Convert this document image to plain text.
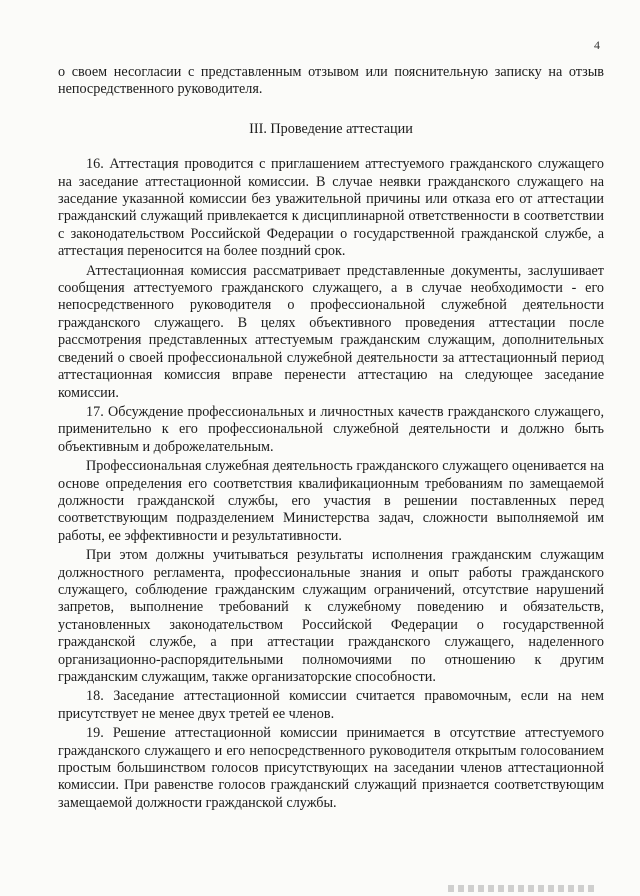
4

о своем несогласии с представленным отзывом или пояснительную записку на отзыв непосредственного руководителя.

III. Проведение аттестации

16. Аттестация проводится с приглашением аттестуемого гражданского служащего на заседание аттестационной комиссии. В случае неявки гражданского служащего на заседание указанной комиссии без уважительной причины или отказа его от аттестации гражданский служащий привлекается к дисциплинарной ответственности в соответствии с законодательством Российской Федерации о государственной гражданской службе, а аттестация переносится на более поздний срок.

Аттестационная комиссия рассматривает представленные документы, заслушивает сообщения аттестуемого гражданского служащего, а в случае необходимости - его непосредственного руководителя о профессиональной служебной деятельности гражданского служащего. В целях объективного проведения аттестации после рассмотрения представленных аттестуемым гражданским служащим, дополнительных сведений о своей профессиональной служебной деятельности за аттестационный период аттестационная комиссия вправе перенести аттестацию на следующее заседание комиссии.

17. Обсуждение профессиональных и личностных качеств гражданского служащего, применительно к его профессиональной служебной деятельности и должно быть объективным и доброжелательным.

Профессиональная служебная деятельность гражданского служащего оценивается на основе определения его соответствия квалификационным требованиям по замещаемой должности гражданской службы, его участия в решении поставленных перед соответствующим подразделением Министерства задач, сложности выполняемой им работы, ее эффективности и результативности.

При этом должны учитываться результаты исполнения гражданским служащим должностного регламента, профессиональные знания и опыт работы гражданского служащего, соблюдение гражданским служащим ограничений, отсутствие нарушений запретов, выполнение требований к служебному поведению и обязательств, установленных законодательством Российской Федерации о государственной гражданской службе, а при аттестации гражданского служащего, наделенного организационно-распорядительными полномочиями по отношению к другим гражданским служащим, также организаторские способности.

18. Заседание аттестационной комиссии считается правомочным, если на нем присутствует не менее двух третей ее членов.

19. Решение аттестационной комиссии принимается в отсутствие аттестуемого гражданского служащего и его непосредственного руководителя открытым голосованием простым большинством голосов присутствующих на заседании членов аттестационной комиссии. При равенстве голосов гражданский служащий признается соответствующим замещаемой должности гражданской службы.
